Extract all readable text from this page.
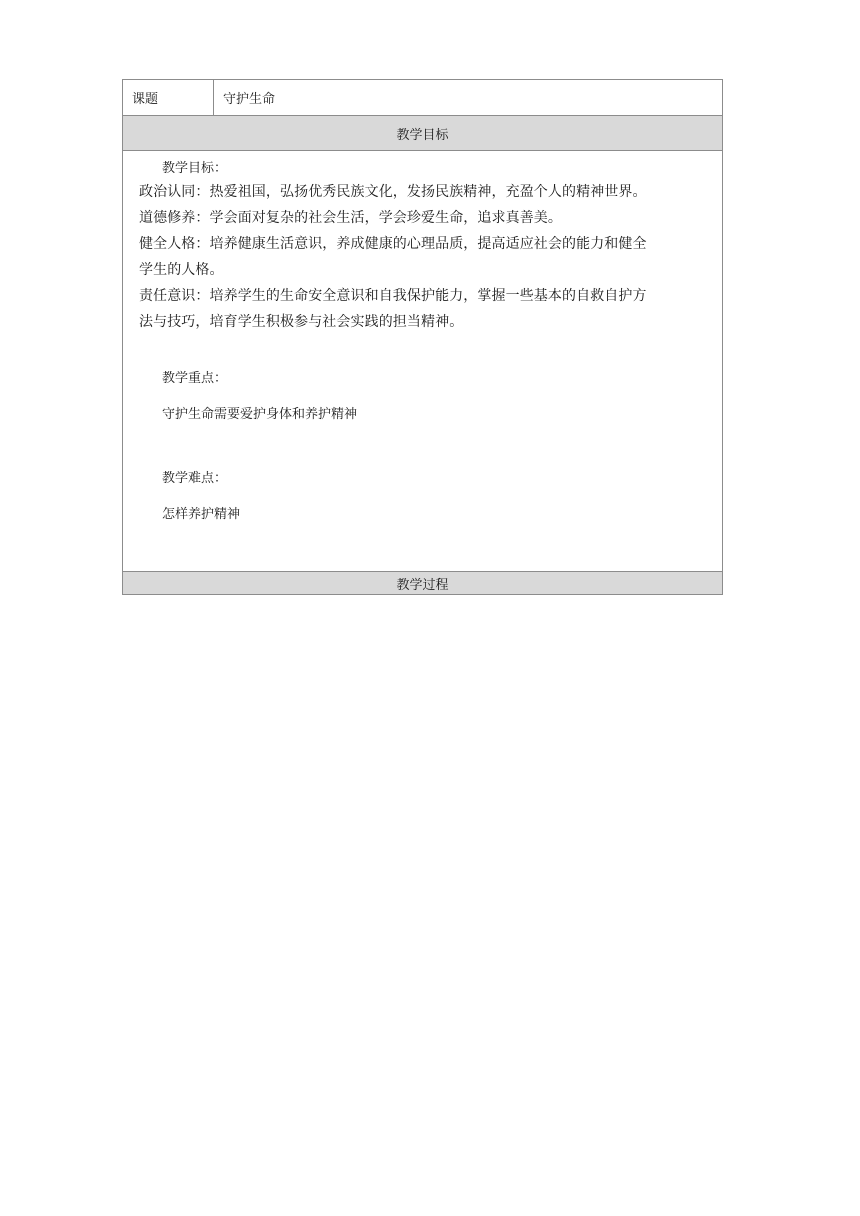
课题	守护生命
教学目标

教学目标：

政治认同：热爱祖国，弘扬优秀民族文化，发扬民族精神，充盈个人的精神世界。

道德修养：学会面对复杂的社会生活，学会珍爱生命，追求真善美。

健全人格：培养健康生活意识，养成健康的心理品质，提高适应社会的能力和健全

学生的人格。

责任意识：培养学生的生命安全意识和自我保护能力，掌握一些基本的自救自护方

法与技巧，培育学生积极参与社会实践的担当精神。

教学重点：

守护生命需要爱护身体和养护精神

教学难点：

怎样养护精神

教学过程
